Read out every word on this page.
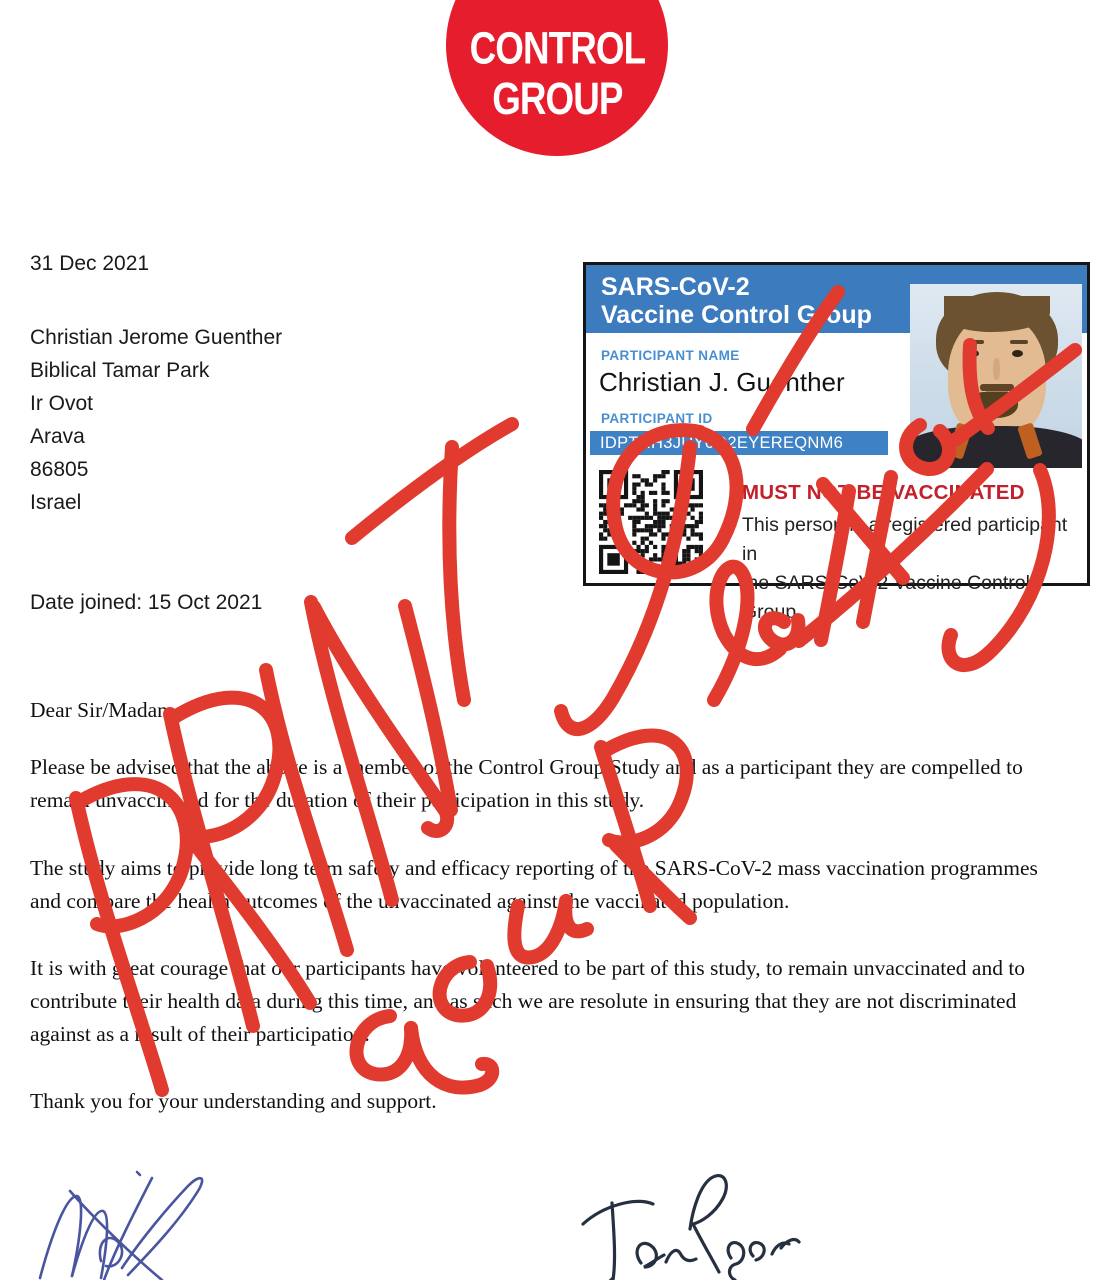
CONTROL
GROUP
31 Dec 2021
Christian Jerome Guenther
Biblical Tamar Park
Ir Ovot
Arava
86805
Israel
SARS-CoV-2
Vaccine Control Group
PARTICIPANT NAME
Christian J. Guenther
PARTICIPANT ID
IDPTRH3JUY6Q2EYEREQNM6
MUST NOT BE VACCINATED
This person is a registered participant in
the SARS-CoV-2 Vaccine Control Group.
Date joined: 15 Oct 2021
Dear Sir/Madam
Please be advised that the above is a member of the Control Group Study and as a participant they are compelled to remain unvaccinated for the duration of their participation in this study.
The study aims to provide long term safety and efficacy reporting of the SARS-CoV-2 mass vaccination programmes and compare the health outcomes of the unvaccinated against the vaccinated population.
It is with great courage that our participants have volunteered to be part of this study, to remain unvaccinated and to contribute their health data during this time, and as such we are resolute in ensuring that they are not discriminated against as a result of their participation.
Thank you for your understanding and support.
